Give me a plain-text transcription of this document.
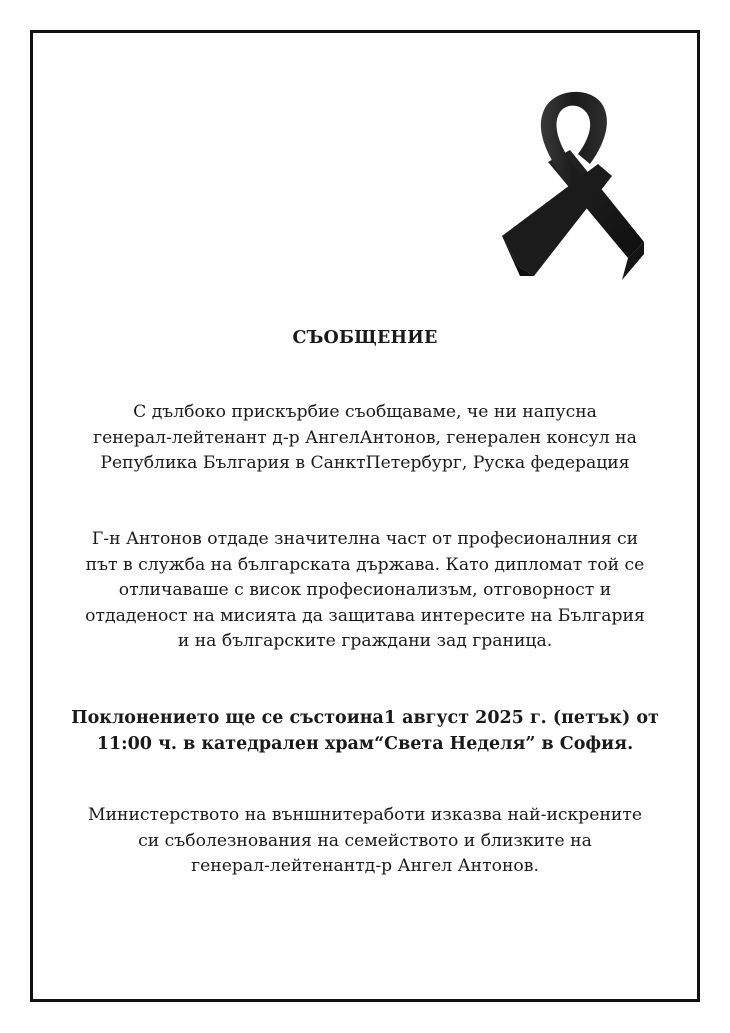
СЪОБЩЕНИЕ
С дълбоко прискърбие съобщаваме, че ни напусна
генерал-лейтенант д-р АнгелАнтонов, генерален консул на
Република България в СанктПетербург, Руска федерация
Г-н Антонов отдаде значителна част от професионалния си
път в служба на българската държава. Като дипломат той се
отличаваше с висок професионализъм, отговорност и
отдаденост на мисията да защитава интересите на България
и на българските граждани зад граница.
Поклонението ще се състоина1 август 2025 г. (петък) от
11:00 ч. в катедрален храм“Света Неделя” в София.
Министерството на външнитеработи изказва най-искрените
си съболезнования на семейството и близките на
генерал-лейтенантд-р Ангел Антонов.
